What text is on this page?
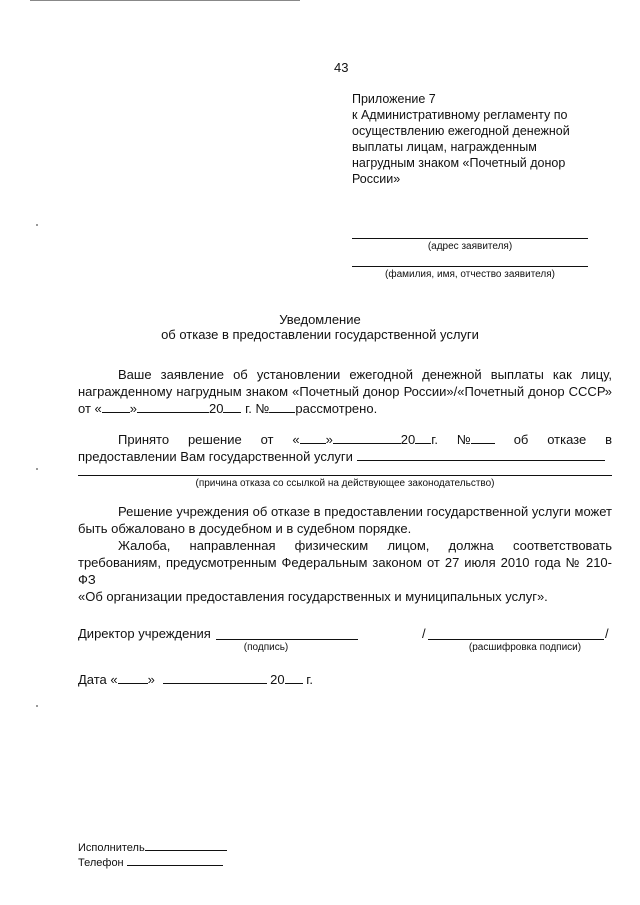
43
Приложение 7
к Административному регламенту по
осуществлению ежегодной денежной
выплаты лицам, награжденным
нагрудным знаком «Почетный донор
России»
(адрес заявителя)
(фамилия, имя, отчество заявителя)
Уведомление
об отказе в предоставлении государственной услуги
Ваше заявление об установлении ежегодной денежной выплаты как лицу,
награжденному нагрудным знаком «Почетный донор России»/«Почетный донор СССР»
от « »	20 г. № рассмотрено.
Принято решение от « »	20 г. №	об отказе в
предоставлении Вам государственной услуги
(причина отказа со ссылкой на действующее законодательство)
Решение учреждения об отказе в предоставлении государственной услуги может
быть обжаловано в досудебном и в судебном порядке.
Жалоба, направленная физическим лицом, должна соответствовать
требованиям, предусмотренным Федеральным законом от 27 июля 2010 года № 210-ФЗ
«Об организации предоставления государственных и муниципальных услуг».
Директор учреждения
(подпись)
/	/
(расшифровка подписи)
Дата « »	20 г.
Исполнитель
Телефон
